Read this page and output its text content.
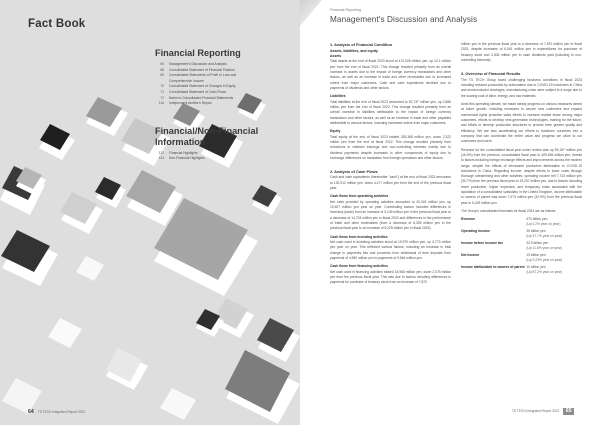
Fact Book
Financial Reporting
65 Management's Discussion and Analysis
68 Consolidated Statement of Financial Position
69 Consolidated Statements of Profit or Loss and
Comprehensive Income
70 Consolidated Statement of Changes in Equity
71 Consolidated Statement of Cash Flows
72 Notes to Consolidated Financial Statements
116 Independent Auditor's Report
Financial/Non-Financial Information
122 Financial Highlights
124 Non-Financial Highlights
64 TS TECH Integrated Report 2023
Financial Reporting
Management's Discussion and Analysis
1. Analysis of Financial Condition
Assets, liabilities, and equity
Assets

Total assets at the end of fiscal 2023 stood at 474,026 million yen, up 24.1 million yen from the end of fiscal 2022. This change resulted primarily from an overall increase in assets due to the impact of foreign currency translations and other factors, as well as an increase in trade and other receivables due to increased orders from major customers. Cash and cash equivalents declined due to payments of dividends and other factors.

Liabilities

Total liabilities at the end of fiscal 2023 amounted to 92,737 million yen, up 2,856 million yen from the end of fiscal 2022. This change resulted primarily from an overall increase in liabilities attributable to the impact of foreign currency translations and other factors, as well as an increase in trade and other payables attributable to various factors, including increased orders from major customers.

Equity

Total equity at the end of fiscal 2023 totaled 335,368 million yen, down 2,322 million yen from the end of fiscal 2022. This change resulted primarily from reductions in retained earnings and non-controlling interests mainly due to dividend payments despite increases in other components of equity due to exchange differences on translation from foreign operations and other factors.

2. Analysis of Cash Flows

Cash and cash equivalents (hereinafter "cash") at the end of fiscal 2023 amounted to 132,912 million yen, down 4,477 million yen from the end of the previous fiscal year.

Cash flows from operating activities

Net cash provided by operating activities amounted to 30,343 million yen, up 10,627 million yen year on year. Contributing factors included differences in inventory (trade) from an increase of 5,149 million yen in the previous fiscal year to a decrease of 14,734 million yen in fiscal 2023 and differences in the performance of trade and other receivables (from a decrease of 6,305 million yen in the previous fiscal year to an increase of 5,225 million yen in fiscal 2023).

Cash flows from investing activities

Net cash used in investing activities stood at 19,970 million yen, up 3,773 million yen year on year. This reflected various factors, including an increase in total change in payments into and proceeds from withdrawal of time deposits from payments of 4,550 million yen to payments of 9,546 million yen.

Cash flows from financing activities

Net cash used in financing activities totaled 18,968 million yen, down 2,075 million yen from the previous fiscal year. This was due to factors including differences in payments for purchase of treasury stock from an increase of 7,870

million yen in the previous fiscal year to a decrease of 7,870 million yen in fiscal 2023, despite increases of 6,061 million yen in expenditures for purchase of treasury stock and 4,308 million yen in cash dividends paid (including to non-controlling interests).

3. Overview of Financial Results

The TS TECH Group faced challenging business conditions in fiscal 2023 including reduced production by automakers due to COVID-19 lockdowns in China and semiconductor shortages, manufacturing costs were subject to a surge due to the soaring cost of labor, energy, and raw materials.

Amid this operating climate, we made steady progress on various measures aimed at future growth, including measures to secure new customers and expand commercial rights proactive sales efforts to increase market share among major customers, efforts to develop next-generation technologies, training for the future, and efforts to develop production structures to provide even greater quality and efficiency. We are also accelerating our efforts to transform ourselves into a company that can coordinate the entire value and progress we value to our customers and users.

Revenue for the consolidated fiscal year under review was up 59,167 million yen (16.9%) from the previous, consolidated fiscal year to 409,836 million yen, thanks to factors including foreign exchange effects and improvements across the modern range, despite the effects of decreased production attributable to COVID-19 lockdowns in China. Regarding income, despite efforts to lower costs through thorough streamlining and other activities, operating income fell 7,743 million yen (30.7%) from the previous fiscal year to 19,257 million yen, due to factors including lower production, higher expenses, and temporary costs associated with the liquidation of a consolidated subsidiary in the United Kingdom, income attributable to owners of parent was down 7,073 million yen (32.9%) from the previous fiscal year to 5,429 million yen.

The Group's consolidated forecasts for fiscal 2024 are as follows:
Revenue	470 billion yen
(Up 0.2% year on year)

Operating income	20 billion yen
(Up 47.7% year on year)

Income before income tax	22.9 billion yen
(Up 11.8% year on year)

Net income	13 billion yen
(Up 9.23% year on year)

Income attributable to owners of parent	10 billion yen
(Up 87.2% year on year)
TS TECH Integrated Report 2023	65
